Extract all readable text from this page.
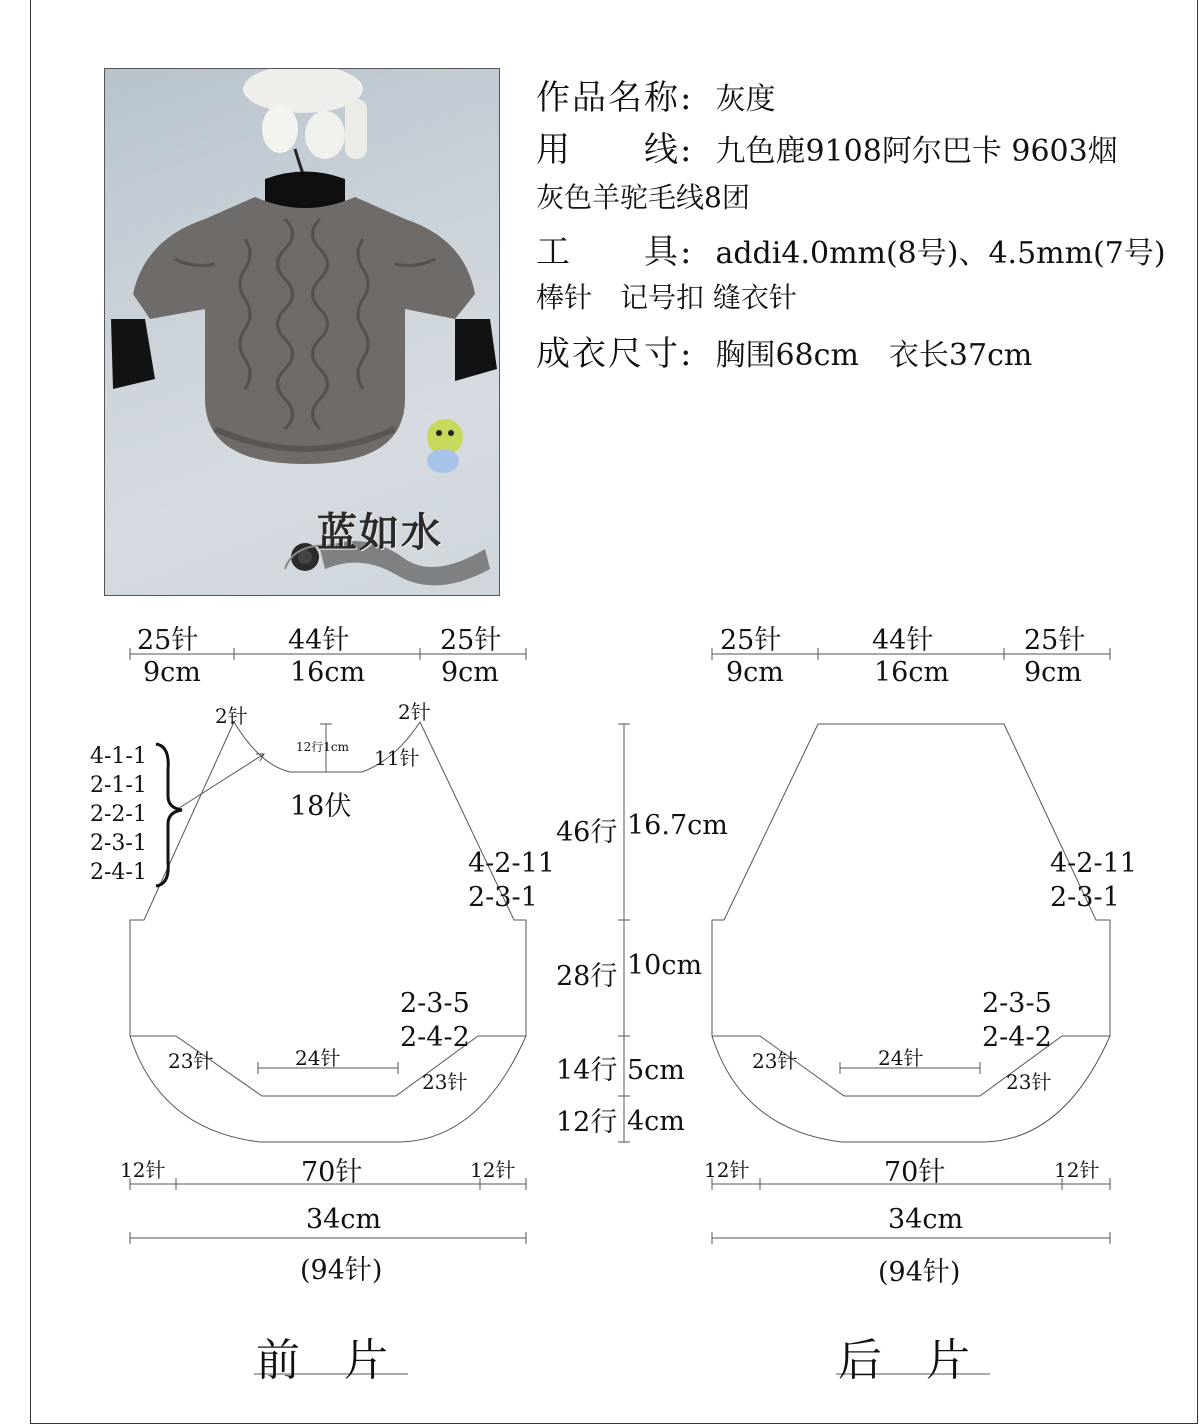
蓝如水
作品名称: 灰度
用　　线: 九色鹿9108阿尔巴卡 9603烟
灰色羊驼毛线8团
工　　具: addi4.0mm(8号)、4.5mm(7号)
棒针　记号扣 缝衣针
成衣尺寸: 胸围68cm　衣长37cm
25针	44针	25针
9cm	16cm	9cm
2针	2针
12行1cm 11针
18伏
4-1-1
2-1-1
2-2-1
2-3-1
2-4-1	4-2-11
2-3-1
2-3-5
2-4-2
23针	24针
23针
12针	70针	12针
34cm
(94针)
前　片
46行 16.7cm
28行 10cm
14行 5cm
12行 4cm
25针	44针	25针
9cm	16cm	9cm
4-2-11
2-3-1
2-3-5
2-4-2
23针	24针
23针
12针	70针	12针
34cm
(94针)
后　片
